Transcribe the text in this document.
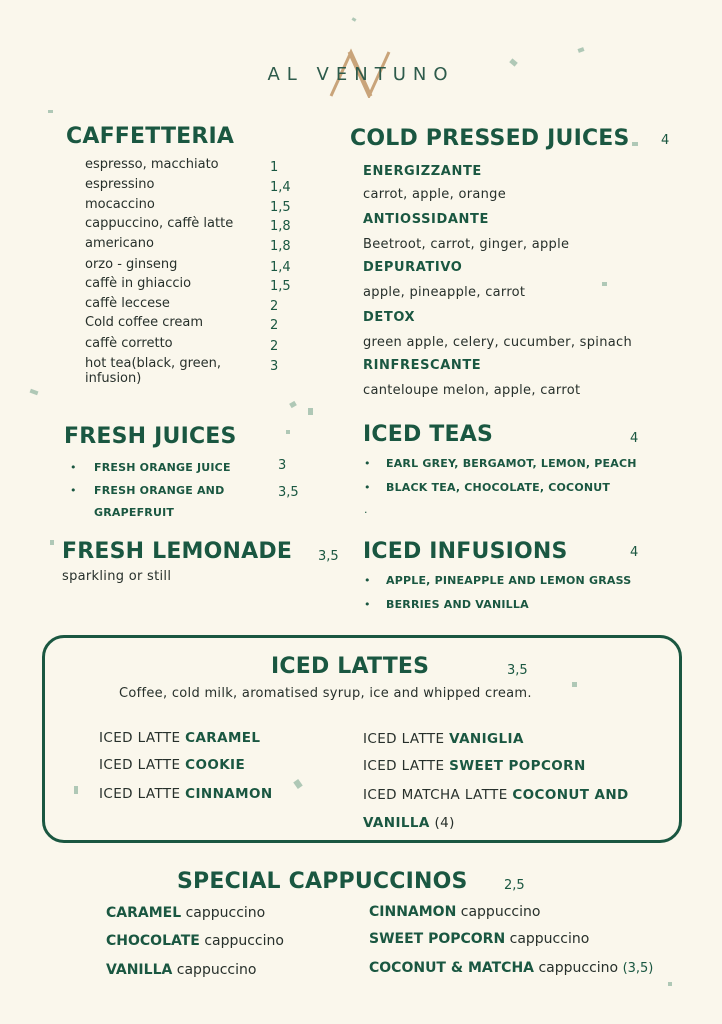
AL VENTUNO
CAFFETTERIA
espresso, macchiato	1
espressino	1,4
mocaccino	1,5
cappuccino, caffè latte	1,8
americano	1,8
orzo - ginseng	1,4
caffè in ghiaccio	1,5
caffè leccese	2
Cold coffee cream	2
caffè corretto	2
hot tea(black, green,	3
infusion)
COLD PRESSED JUICES 4
ENERGIZZANTE
carrot, apple, orange
ANTIOSSIDANTE
Beetroot, carrot, ginger, apple
DEPURATIVO
apple, pineapple, carrot
DETOX
green apple, celery, cucumber, spinach
RINFRESCANTE
canteloupe melon, apple, carrot
FRESH JUICES
• FRESH ORANGE JUICE	3
• FRESH ORANGE AND	3,5
GRAPEFRUIT
ICED TEAS	4
• EARL GREY, BERGAMOT, LEMON, PEACH
• BLACK TEA, CHOCOLATE, COCONUT
.
FRESH LEMONADE 3,5
sparkling or still
ICED INFUSIONS	4
• APPLE, PINEAPPLE AND LEMON GRASS
• BERRIES AND VANILLA
ICED LATTES	3,5
Coffee, cold milk, aromatised syrup, ice and whipped cream.
ICED LATTE CARAMEL
ICED LATTE COOKIE
ICED LATTE CINNAMON
ICED LATTE VANIGLIA
ICED LATTE SWEET POPCORN
ICED MATCHA LATTE COCONUT AND
VANILLA (4)
SPECIAL CAPPUCCINOS	2,5
CARAMEL cappuccino
CHOCOLATE cappuccino
VANILLA cappuccino
CINNAMON cappuccino
SWEET POPCORN cappuccino
COCONUT & MATCHA cappuccino (3,5)
